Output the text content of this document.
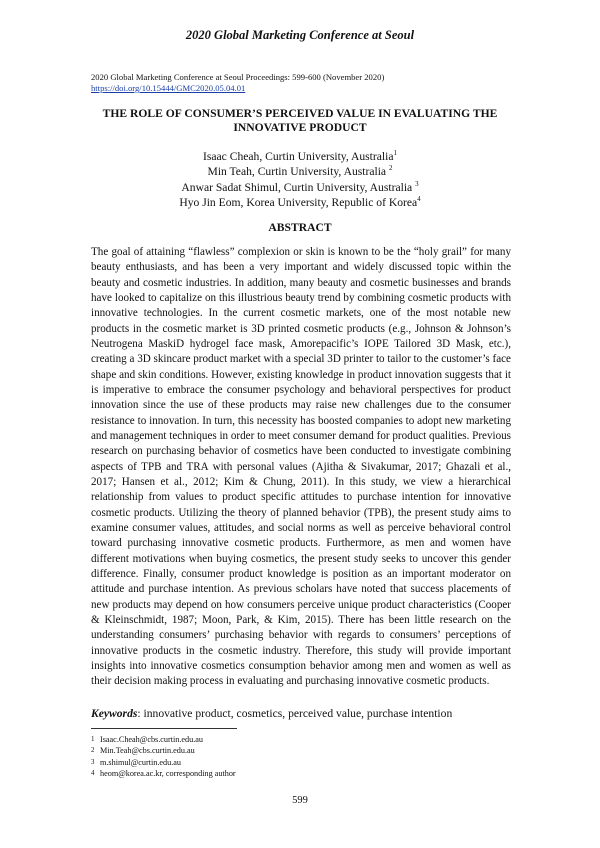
2020 Global Marketing Conference at Seoul
2020 Global Marketing Conference at Seoul Proceedings: 599-600 (November 2020)
https://doi.org/10.15444/GMC2020.05.04.01
THE ROLE OF CONSUMER’S PERCEIVED VALUE IN EVALUATING THE
INNOVATIVE PRODUCT
Isaac Cheah, Curtin University, Australia$^1$
Min Teah, Curtin University, Australia $^2$
Anwar Sadat Shimul, Curtin University, Australia $^3$
Hyo Jin Eom, Korea University, Republic of Korea$^4$
ABSTRACT

The goal of attaining “flawless” complexion or skin is known to be the “holy grail” for many beauty enthusiasts, and has been a very important and widely discussed topic within the beauty and cosmetic industries. In addition, many beauty and cosmetic businesses and brands have looked to capitalize on this illustrious beauty trend by combining cosmetic products with innovative technologies. In the current cosmetic markets, one of the most notable new products in the cosmetic market is 3D printed cosmetic products (e.g., Johnson & Johnson’s Neutrogena MaskiD hydrogel face mask, Amorepacific’s IOPE Tailored 3D Mask, etc.), creating a 3D skincare product market with a special 3D printer to tailor to the customer’s face shape and skin conditions. However, existing knowledge in product innovation suggests that it is imperative to embrace the consumer psychology and behavioral perspectives for product innovation since the use of these products may raise new challenges due to the consumer resistance to innovation. In turn, this necessity has boosted companies to adopt new marketing and management techniques in order to meet consumer demand for product qualities. Previous research on purchasing behavior of cosmetics have been conducted to investigate combining aspects of TPB and TRA with personal values (Ajitha & Sivakumar, 2017; Ghazali et al., 2017; Hansen et al., 2012; Kim & Chung, 2011). In this study, we view a hierarchical relationship from values to product specific attitudes to purchase intention for innovative cosmetic products. Utilizing the theory of planned behavior (TPB), the present study aims to examine consumer values, attitudes, and social norms as well as perceive behavioral control toward purchasing innovative cosmetic products. Furthermore, as men and women have different motivations when buying cosmetics, the present study seeks to uncover this gender difference. Finally, consumer product knowledge is position as an important moderator on attitude and purchase intention. As previous scholars have noted that success placements of new products may depend on how consumers perceive unique product characteristics (Cooper & Kleinschmidt, 1987; Moon, Park, & Kim, 2015). There has been little research on the understanding consumers’ purchasing behavior with regards to consumers’ perceptions of innovative products in the cosmetic industry. Therefore, this study will provide important insights into innovative cosmetics consumption behavior among men and women as well as their decision making process in evaluating and purchasing innovative cosmetic products.

Keywords: innovative product, cosmetics, perceived value, purchase intention
1 Isaac.Cheah@cbs.curtin.edu.au
2 Min.Teah@cbs.curtin.edu.au
3 m.shimul@curtin.edu.au
4 heom@korea.ac.kr, corresponding author
599
